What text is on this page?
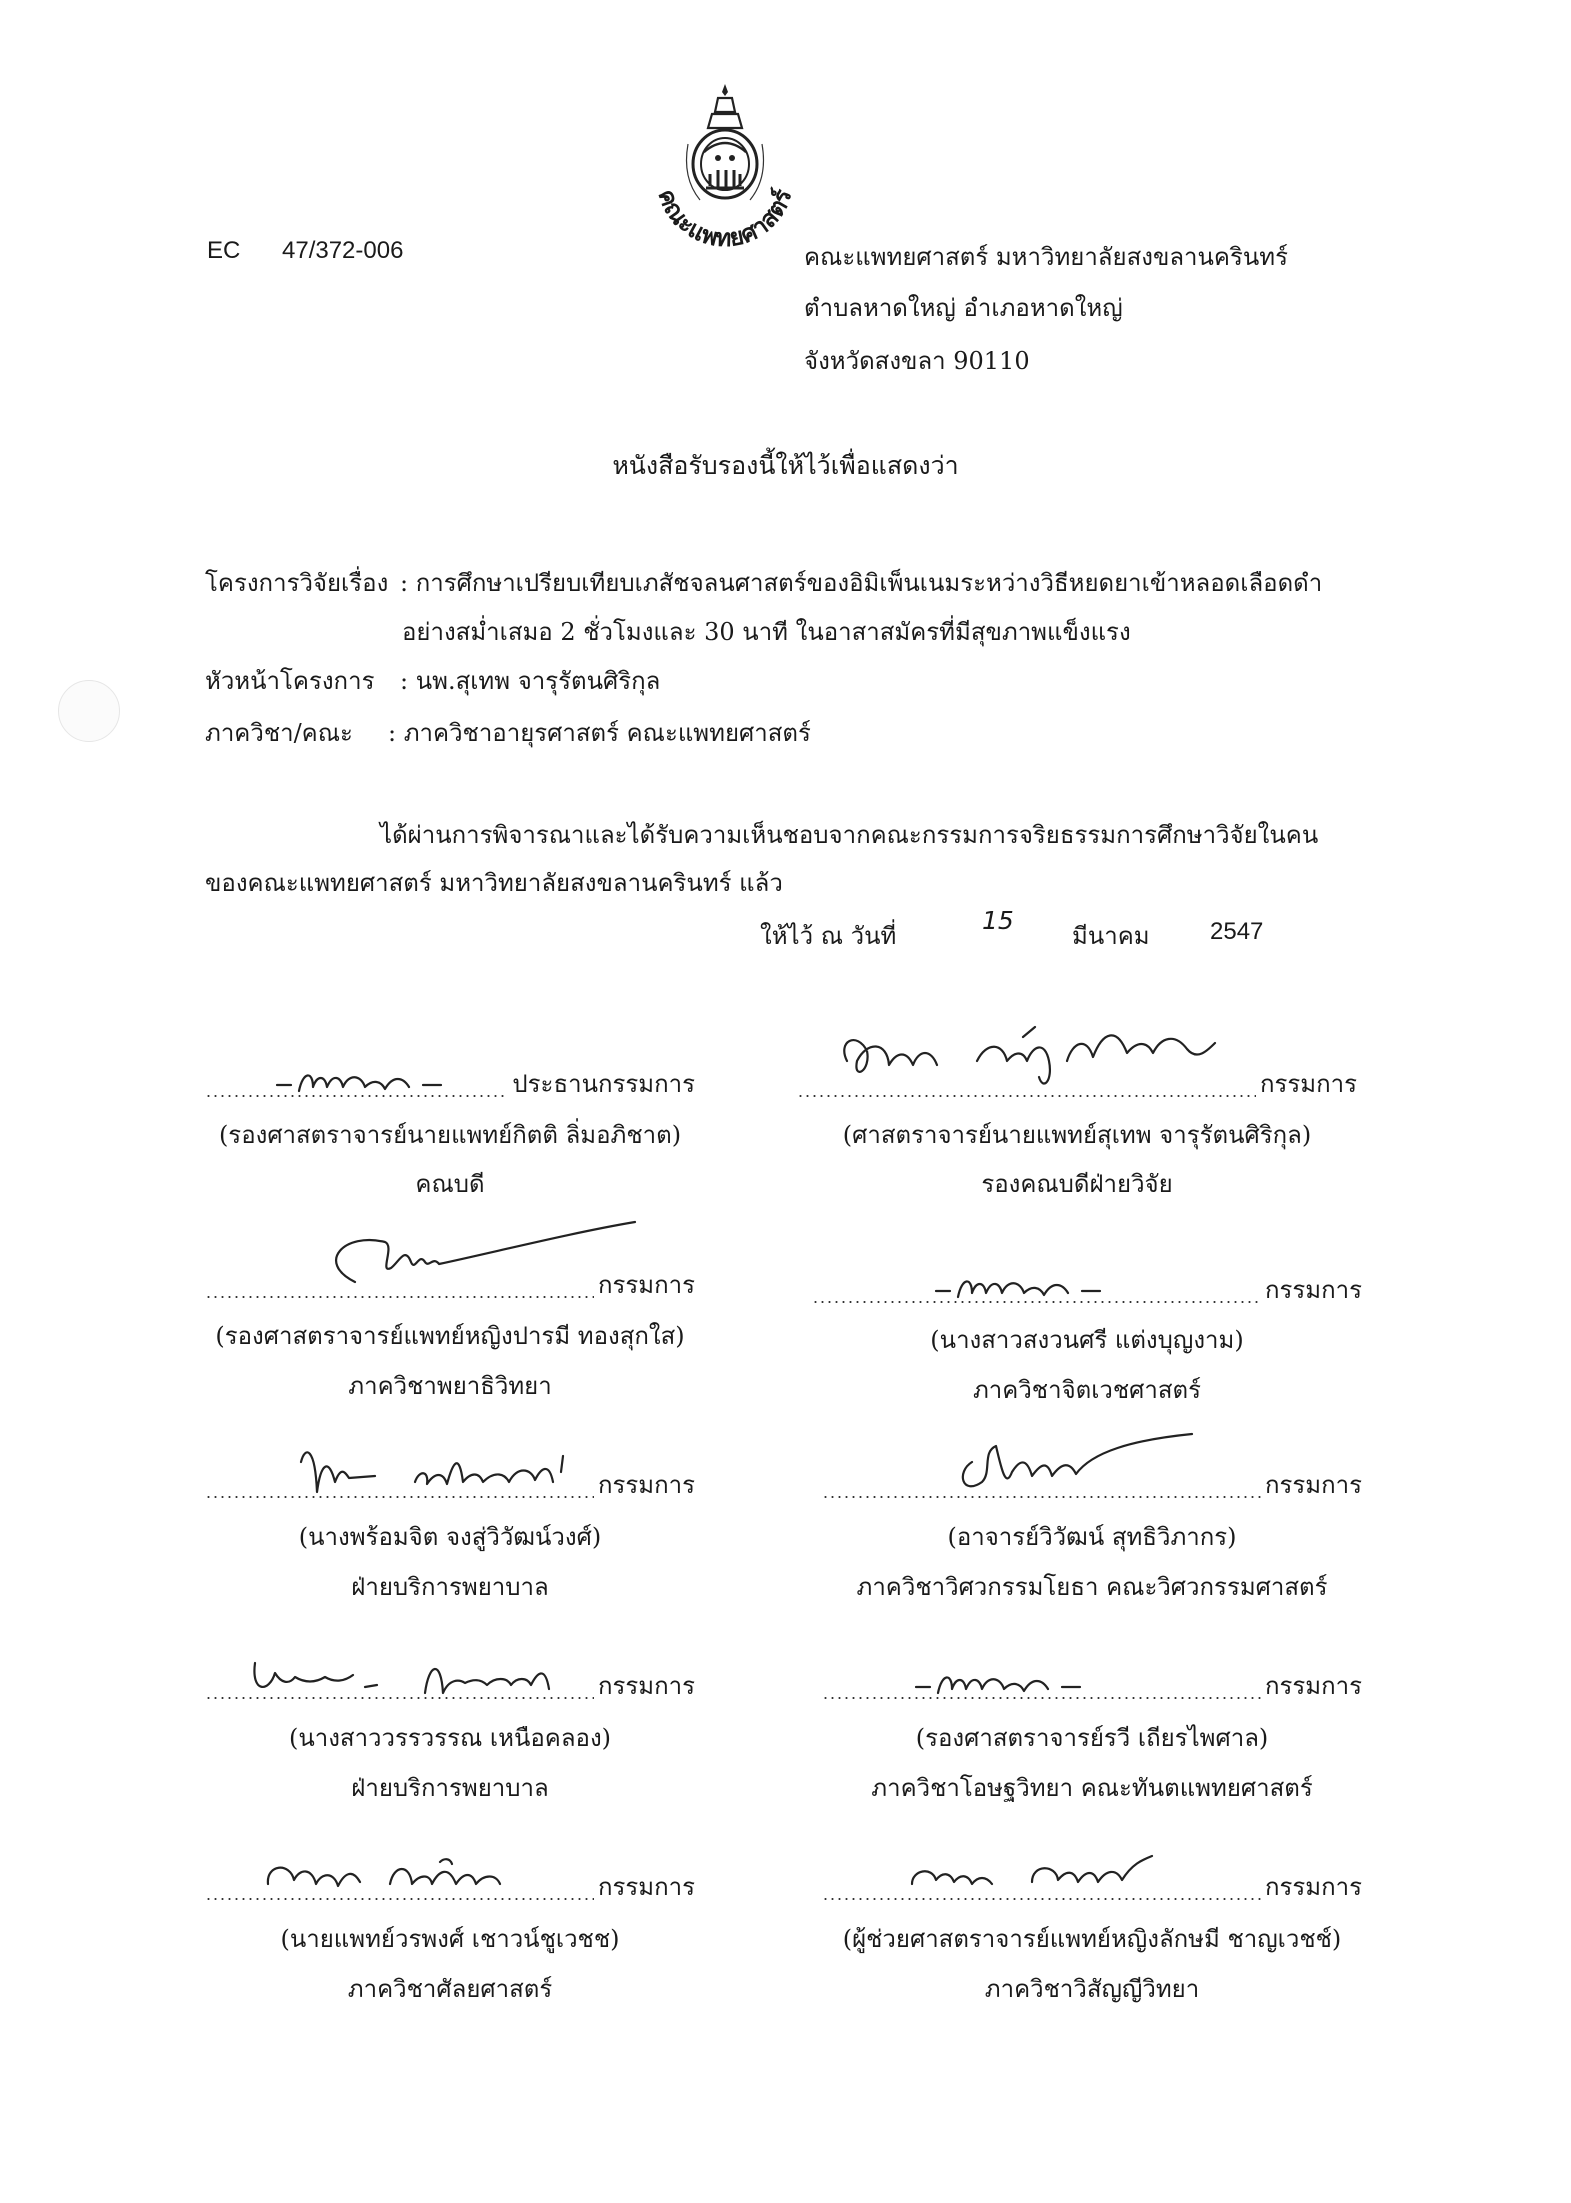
คณะแพทยศาสตร์
EC 47/372-006	คณะแพทยศาสตร์ มหาวิทยาลัยสงขลานครินทร์
ตำบลหาดใหญ่ อำเภอหาดใหญ่
จังหวัดสงขลา 90110
หนังสือรับรองนี้ให้ไว้เพื่อแสดงว่า
โครงการวิจัยเรื่อง : การศึกษาเปรียบเทียบเภสัชจลนศาสตร์ของอิมิเพ็นเนมระหว่างวิธีหยดยาเข้าหลอดเลือดดำ
อย่างสม่ำเสมอ 2 ชั่วโมงและ 30 นาที ในอาสาสมัครที่มีสุขภาพแข็งแรง
หัวหน้าโครงการ : นพ.สุเทพ จารุรัตนศิริกุล
ภาควิชา/คณะ : ภาควิชาอายุรศาสตร์ คณะแพทยศาสตร์
ได้ผ่านการพิจารณาและได้รับความเห็นชอบจากคณะกรรมการจริยธรรมการศึกษาวิจัยในคน
ของคณะแพทยศาสตร์ มหาวิทยาลัยสงขลานครินทร์ แล้ว
ให้ไว้ ณ วันที่
15
มีนาคม	2547
ประธานกรรมการ
(รองศาสตราจารย์นายแพทย์กิตติ ลิ่มอภิชาต)
คณบดี
กรรมการ
(รองศาสตราจารย์แพทย์หญิงปารมี ทองสุกใส)
ภาควิชาพยาธิวิทยา
กรรมการ
(นางพร้อมจิต จงสู่วิวัฒน์วงศ์)
ฝ่ายบริการพยาบาล
กรรมการ
(นางสาววรรวรรณ เหนือคลอง)
ฝ่ายบริการพยาบาล
กรรมการ
(นายแพทย์วรพงศ์ เชาวน์ชูเวชช)
ภาควิชาศัลยศาสตร์
กรรมการ
(ศาสตราจารย์นายแพทย์สุเทพ จารุรัตนศิริกุล)
รองคณบดีฝ่ายวิจัย
กรรมการ
(นางสาวสงวนศรี แต่งบุญงาม)
ภาควิชาจิตเวชศาสตร์
กรรมการ
(อาจารย์วิวัฒน์ สุทธิวิภากร)
ภาควิชาวิศวกรรมโยธา คณะวิศวกรรมศาสตร์
กรรมการ
(รองศาสตราจารย์รวี เถียรไพศาล)
ภาควิชาโอษฐวิทยา คณะทันตแพทยศาสตร์
กรรมการ
(ผู้ช่วยศาสตราจารย์แพทย์หญิงลักษมี ชาญเวชช์)
ภาควิชาวิสัญญีวิทยา
